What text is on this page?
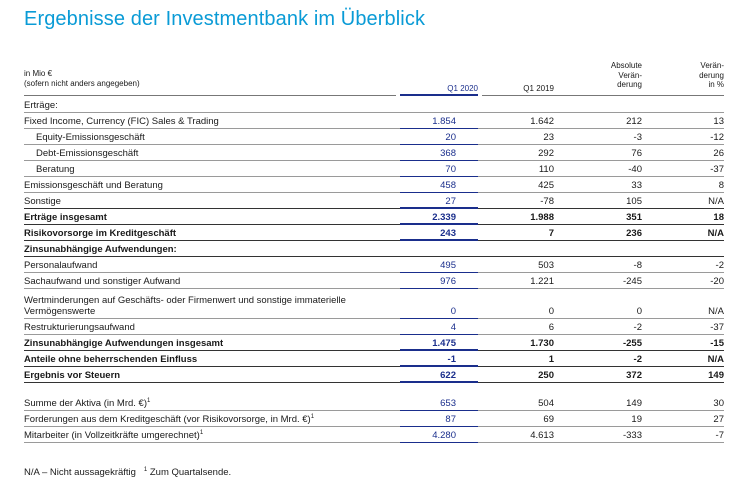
Ergebnisse der Investmentbank im Überblick
in Mio €
(sofern nicht anders angegeben)
Q1 2020	Q1 2019
Absolute
Verän-
derung
Verän-
derung
in %
Erträge:
Fixed Income, Currency (FIC) Sales & Trading	1.854	1.642	212	13
Equity-Emissionsgeschäft	20	23	-3	-12
Debt-Emissionsgeschäft	368	292	76	26
Beratung	70	110	-40	-37
Emissionsgeschäft und Beratung	458	425	33	8
Sonstige	27	-78	105	N/A
Erträge insgesamt	2.339	1.988	351	18
Risikovorsorge im Kreditgeschäft	243	7	236	N/A
Zinsunabhängige Aufwendungen:
Personalaufwand	495	503	-8	-2
Sachaufwand und sonstiger Aufwand	976	1.221	-245	-20
Wertminderungen auf Geschäfts- oder Firmenwert und sonstige immaterielle Vermögenswerte	0	0	0	N/A
Restrukturierungsaufwand	4	6	-2	-37
Zinsunabhängige Aufwendungen insgesamt	1.475	1.730	-255	-15
Anteile ohne beherrschenden Einfluss	-1	1	-2	N/A
Ergebnis vor Steuern	622	250	372	149
Summe der Aktiva (in Mrd. €)$^1$	653	504	149	30
Forderungen aus dem Kreditgeschäft (vor Risikovorsorge, in Mrd. €)$^1$	87	69	19	27
Mitarbeiter (in Vollzeitkräfte umgerechnet)$^1$	4.280	4.613	-333	-7
N/A – Nicht aussagekräftig $^1$ Zum Quartalsende.
